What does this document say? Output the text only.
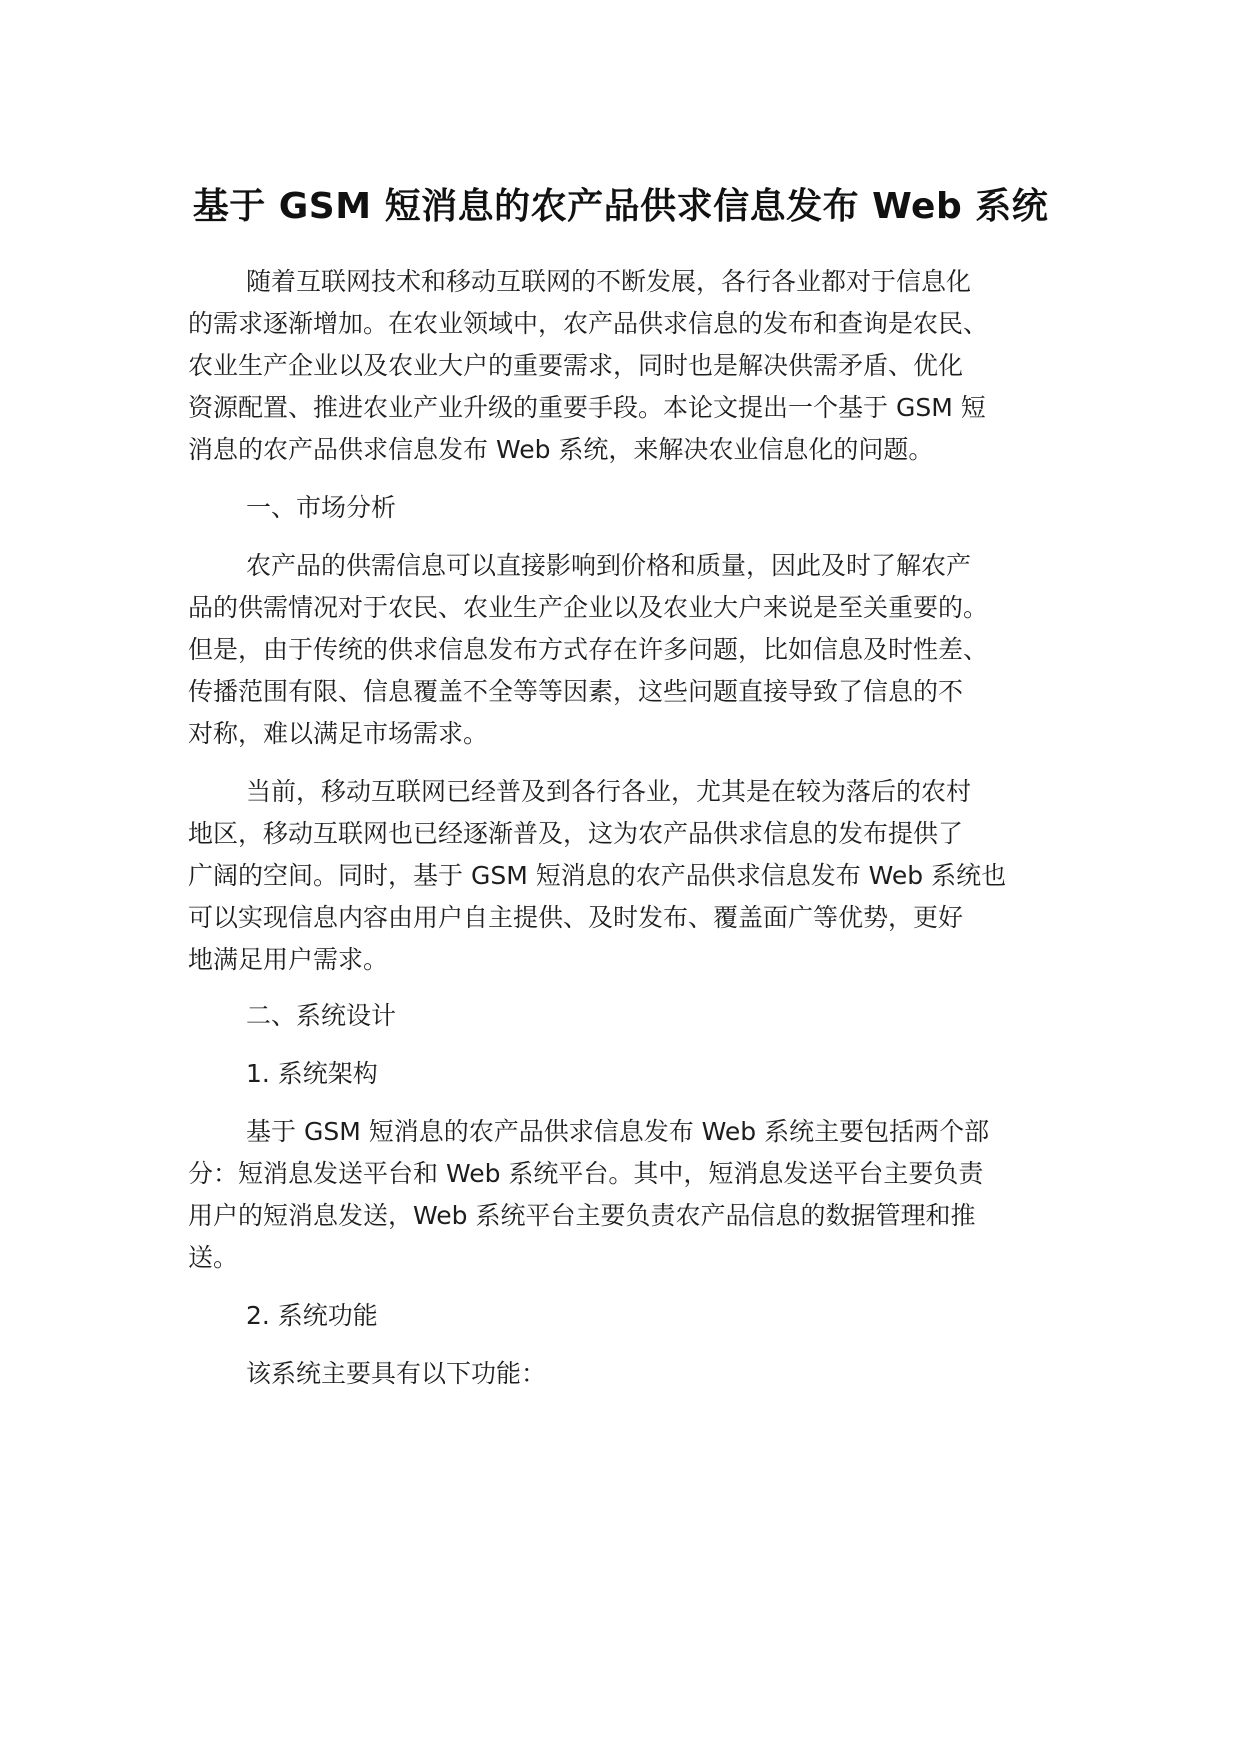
基于 GSM 短消息的农产品供求信息发布 Web 系统
随着互联网技术和移动互联网的不断发展，各行各业都对于信息化
的需求逐渐增加。在农业领域中，农产品供求信息的发布和查询是农民、
农业生产企业以及农业大户的重要需求，同时也是解决供需矛盾、优化
资源配置、推进农业产业升级的重要手段。本论文提出一个基于 GSM 短
消息的农产品供求信息发布 Web 系统，来解决农业信息化的问题。
一、市场分析
农产品的供需信息可以直接影响到价格和质量，因此及时了解农产
品的供需情况对于农民、农业生产企业以及农业大户来说是至关重要的。
但是，由于传统的供求信息发布方式存在许多问题，比如信息及时性差、
传播范围有限、信息覆盖不全等等因素，这些问题直接导致了信息的不
对称，难以满足市场需求。
当前，移动互联网已经普及到各行各业，尤其是在较为落后的农村
地区，移动互联网也已经逐渐普及，这为农产品供求信息的发布提供了
广阔的空间。同时，基于 GSM 短消息的农产品供求信息发布 Web 系统也
可以实现信息内容由用户自主提供、及时发布、覆盖面广等优势，更好
地满足用户需求。
二、系统设计
1. 系统架构
基于 GSM 短消息的农产品供求信息发布 Web 系统主要包括两个部
分：短消息发送平台和 Web 系统平台。其中，短消息发送平台主要负责
用户的短消息发送，Web 系统平台主要负责农产品信息的数据管理和推
送。
2. 系统功能
该系统主要具有以下功能：
